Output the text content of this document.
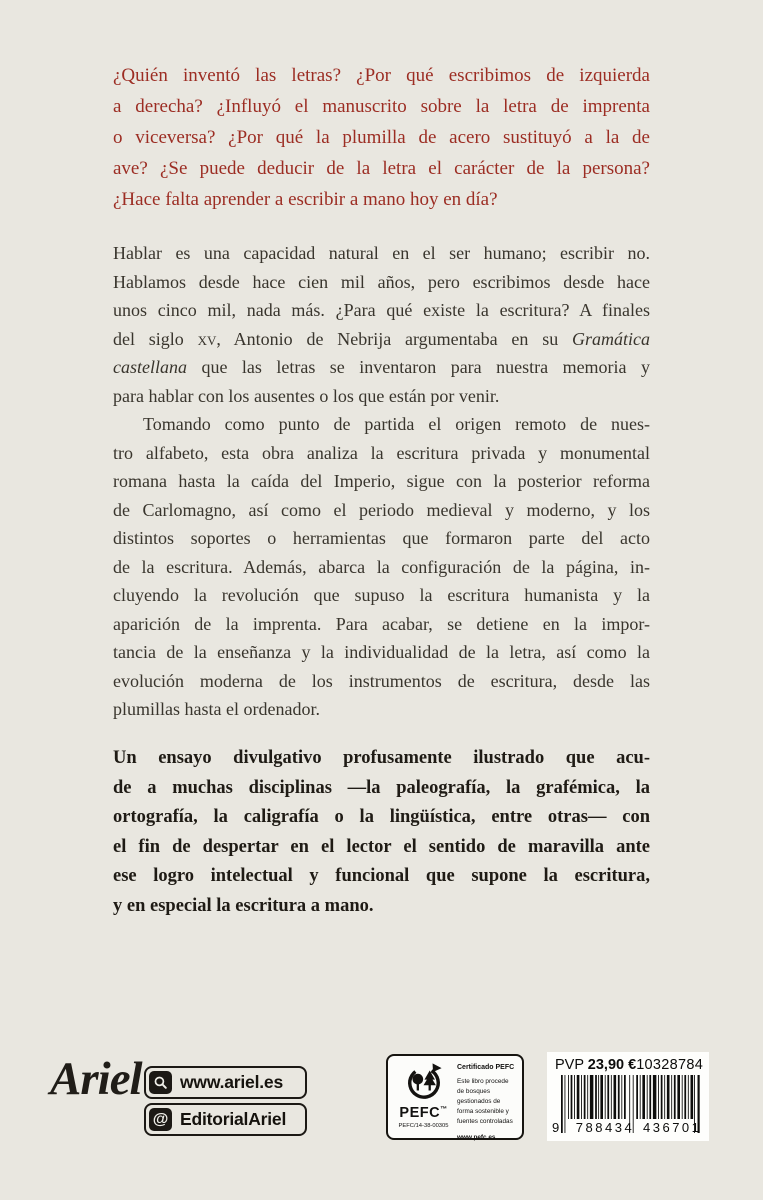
¿Quién inventó las letras? ¿Por qué escribimos de izquierda
a derecha? ¿Influyó el manuscrito sobre la letra de imprenta
o viceversa? ¿Por qué la plumilla de acero sustituyó a la de
ave? ¿Se puede deducir de la letra el carácter de la persona?
¿Hace falta aprender a escribir a mano hoy en día?
Hablar es una capacidad natural en el ser humano; escribir no.
Hablamos desde hace cien mil años, pero escribimos desde hace
unos cinco mil, nada más. ¿Para qué existe la escritura? A finales
del siglo xv, Antonio de Nebrija argumentaba en su Gramática
castellana que las letras se inventaron para nuestra memoria y
para hablar con los ausentes o los que están por venir.
Tomando como punto de partida el origen remoto de nues-
tro alfabeto, esta obra analiza la escritura privada y monumental
romana hasta la caída del Imperio, sigue con la posterior reforma
de Carlomagno, así como el periodo medieval y moderno, y los
distintos soportes o herramientas que formaron parte del acto
de la escritura. Además, abarca la configuración de la página, in-
cluyendo la revolución que supuso la escritura humanista y la
aparición de la imprenta. Para acabar, se detiene en la impor-
tancia de la enseñanza y la individualidad de la letra, así como la
evolución moderna de los instrumentos de escritura, desde las
plumillas hasta el ordenador.
Un ensayo divulgativo profusamente ilustrado que acu-
de a muchas disciplinas —la paleografía, la grafémica, la
ortografía, la caligrafía o la lingüística, entre otras— con
el fin de despertar en el lector el sentido de maravilla ante
ese logro intelectual y funcional que supone la escritura,
y en especial la escritura a mano.
Ariel www.ariel.es
@ EditorialAriel	PEFC™
PEFC/14-38-00305
Certificado PEFC
Este libro procede de bosques gestionados de forma sostenible y fuentes controladas
www.pefc.es
PVP 23,90 € 10328784
9 788434 436701
